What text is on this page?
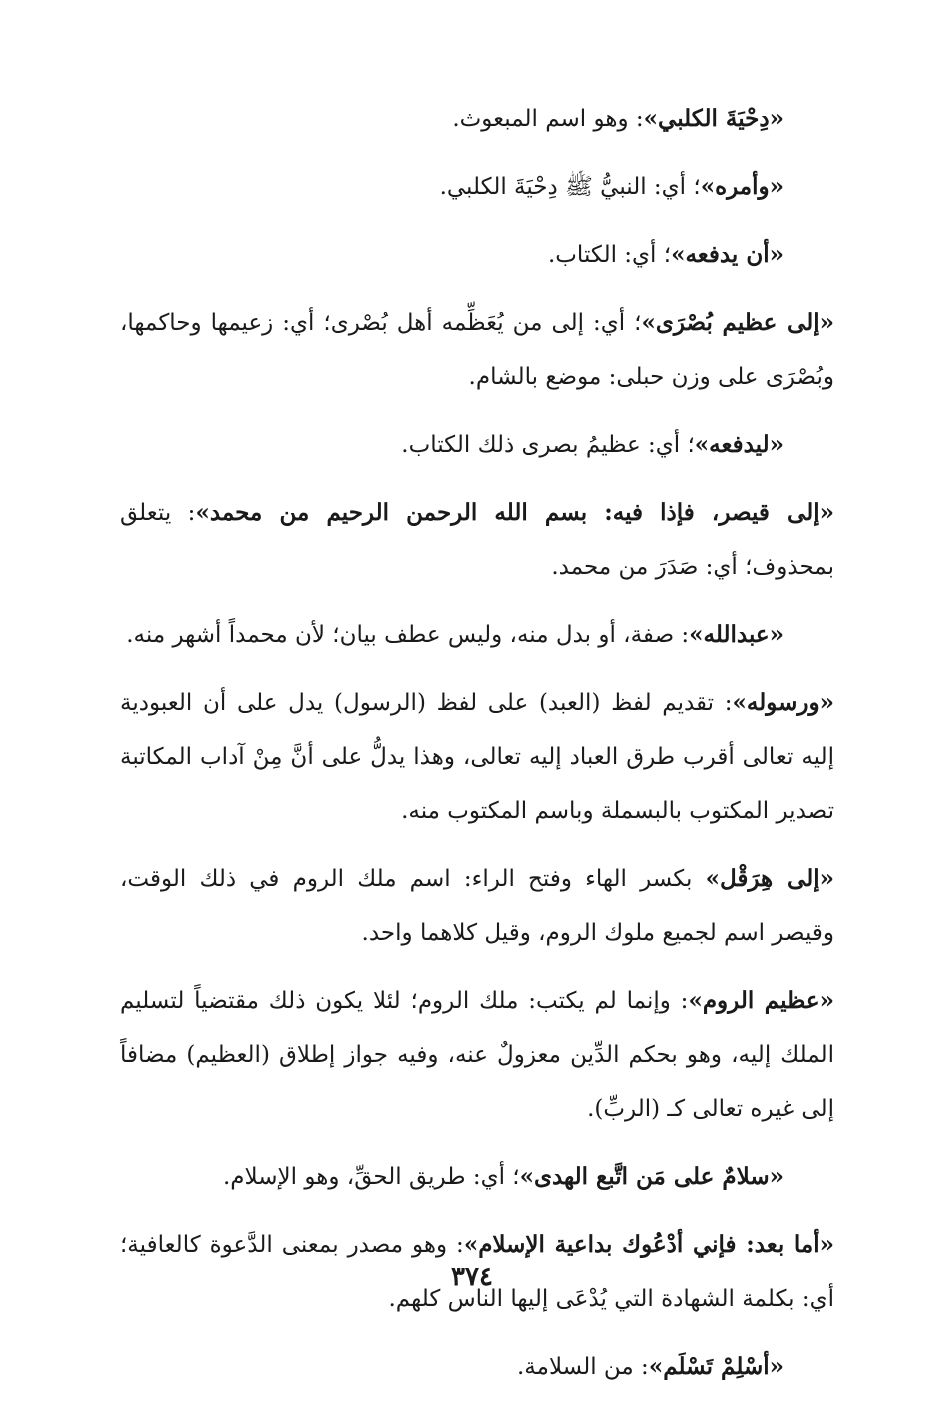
«دِحْيَةَ الكلبي»: وهو اسم المبعوث.

«وأمره»؛ أي: النبيُّ ﷺ دِحْيَةَ الكلبي.

«أن يدفعه»؛ أي: الكتاب.

«إلى عظيم بُصْرَى»؛ أي: إلى من يُعَظِّمه أهل بُصْرى؛ أي: زعيمها وحاكمها، وبُصْرَى على وزن حبلى: موضع بالشام.

«ليدفعه»؛ أي: عظيمُ بصرى ذلك الكتاب.

«إلى قيصر، فإذا فيه: بسم الله الرحمن الرحيم من محمد»: يتعلق بمحذوف؛ أي: صَدَرَ من محمد.

«عبدالله»: صفة، أو بدل منه، وليس عطف بيان؛ لأن محمداً أشهر منه.

«ورسوله»: تقديم لفظ (العبد) على لفظ (الرسول) يدل على أن العبودية إليه تعالى أقرب طرق العباد إليه تعالى، وهذا يدلُّ على أنَّ مِنْ آداب المكاتبة تصدير المكتوب بالبسملة وباسم المكتوب منه.

«إلى هِرَقْل» بكسر الهاء وفتح الراء: اسم ملك الروم في ذلك الوقت، وقيصر اسم لجميع ملوك الروم، وقيل كلاهما واحد.

«عظيم الروم»: وإنما لم يكتب: ملك الروم؛ لئلا يكون ذلك مقتضياً لتسليم الملك إليه، وهو بحكم الدِّين معزولٌ عنه، وفيه جواز إطلاق (العظيم) مضافاً إلى غيره تعالى كـ (الربِّ).

«سلامٌ على مَن اتَّبع الهدى»؛ أي: طريق الحقِّ، وهو الإسلام.

«أما بعد: فإني أدْعُوك بداعية الإسلام»: وهو مصدر بمعنى الدَّعوة كالعافية؛ أي: بكلمة الشهادة التي يُدْعَى إليها الناس كلهم.

«أسْلِمْ تَسْلَم»: من السلامة.

٣٧٤
